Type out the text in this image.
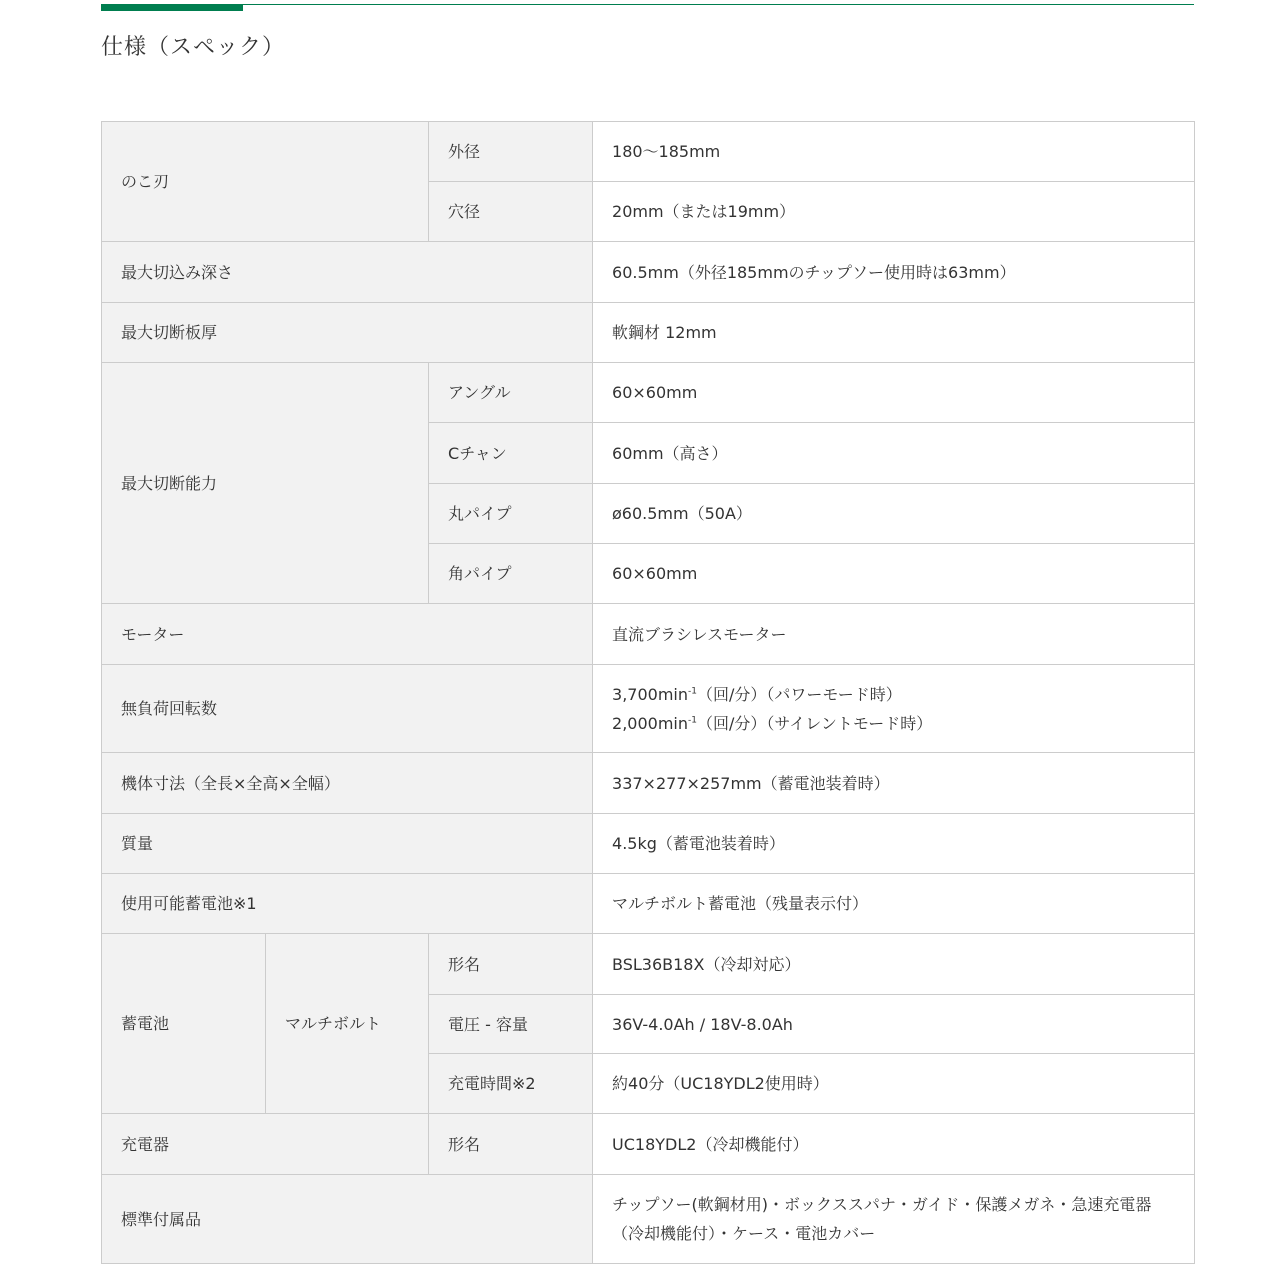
仕様（スペック）
のこ刃		外径	180～185mm
		穴径	20mm（または19mm）
最大切込み深さ			60.5mm（外径185mmのチップソー使用時は63mm）
最大切断板厚			軟鋼材 12mm
最大切断能力		アングル	60×60mm
		Cチャン	60mm（高さ）
		丸パイプ	ø60.5mm（50A）
		角パイプ	60×60mm
モーター			直流ブラシレスモーター
無負荷回転数			$3,700\min^{-1}$（回/分）（パワーモード時）
$2,000\min^{-1}$（回/分）（サイレントモード時）

機体寸法（全長×全高×全幅）			337×277×257mm（蓄電池装着時）
質量			4.5kg（蓄電池装着時）
使用可能蓄電池※1			マルチボルト蓄電池（残量表示付）
蓄電池	マルチボルト	形名	BSL36B18X（冷却対応）
		電圧 - 容量	36V-4.0Ah / 18V-8.0Ah
		充電時間※2	約40分（UC18YDL2使用時）
充電器		形名	UC18YDL2（冷却機能付）
標準付属品			チップソー(軟鋼材用)・ボックススパナ・ガイド・保護メガネ・急速充電器（冷却機能付）・ケース・電池カバー
